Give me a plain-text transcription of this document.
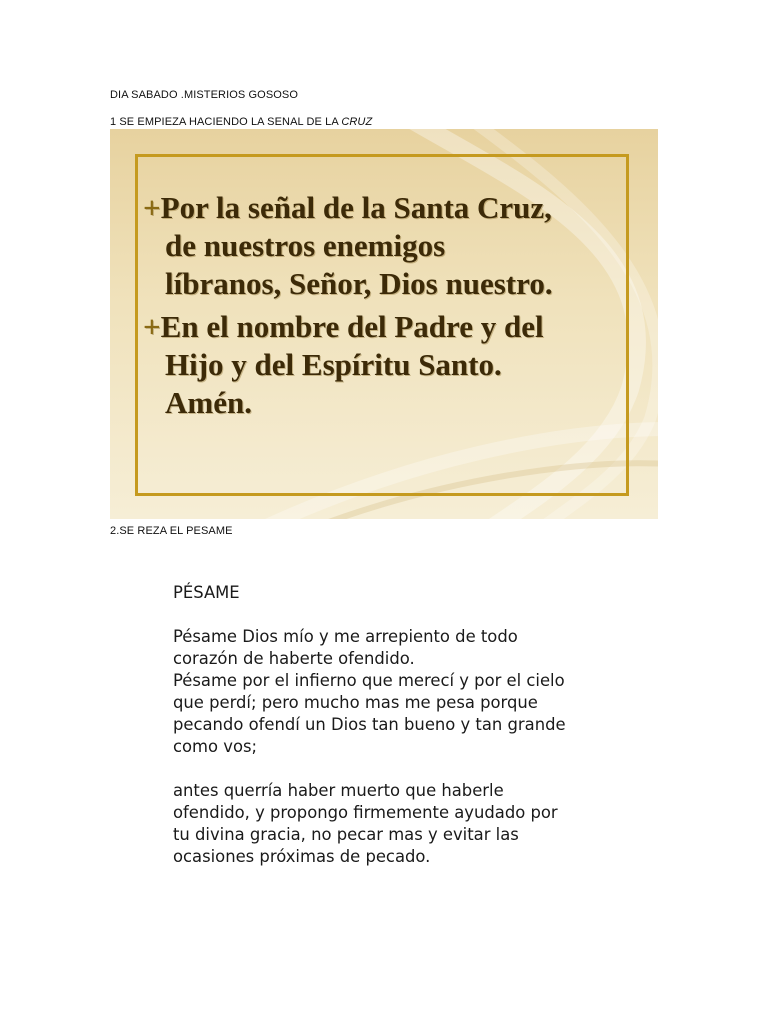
DIA SABADO .MISTERIOS GOSOSO
1 SE EMPIEZA HACIENDO LA SENAL DE LA CRUZ
+Por la señal de la Santa Cruz,
de nuestros enemigos
líbranos, Señor, Dios nuestro.
+En el nombre del Padre y del
Hijo y del Espíritu Santo.
Amén.
2.SE REZA EL PESAME
PÉSAME
Pésame Dios mío y me arrepiento de todo
corazón de haberte ofendido.
Pésame por el infierno que merecí y por el cielo
que perdí; pero mucho mas me pesa porque
pecando ofendí un Dios tan bueno y tan grande
como vos;
antes querría haber muerto que haberle
ofendido, y propongo firmemente ayudado por
tu divina gracia, no pecar mas y evitar las
ocasiones próximas de pecado.
